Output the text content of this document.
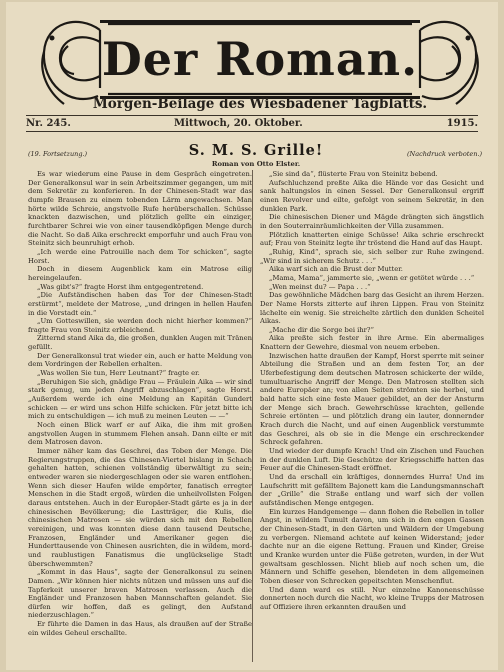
Der Roman.
Morgen-Beilage des Wiesbadener Tagblatts.
Nr. 245.	Mittwoch, 20. Oktober.	1915.
(19. Fortsetzung.)	(Nachdruck verboten.)
S. M. S. Grille!
Roman von Otto Elster.

Es war wiederum eine Pause in dem Gespräch eingetreten. Der Generalkonsul war in sein Arbeitszimmer gegangen, um mit dem Sekretär zu konferieren. In der Chinesen-Stadt war das dumpfe Brausen zu einem tobenden Lärm angewachsen. Man hörte wilde Schreie, angstvolle Rufe herüberschallen. Schüsse knackten dazwischen, und plötzlich gellte ein einziger, furchtbarer Schrei wie von einer tausendköpfigen Menge durch die Nacht. So daß Aika erschreckt emporfuhr und auch Frau von Steinitz sich beunruhigt erhob.

„Ich werde eine Patrouille nach dem Tor schicken“, sagte Horst.

Doch in diesem Augenblick kam ein Matrose eilig hereingelaufen.

„Was gibt's?“ fragte Horst ihm entgegentretend.

„Die Aufständischen haben das Tor der Chinesen-Stadt erstürmt“, meldete der Matrose, „und dringen in hellen Haufen in die Vorstadt ein.“

„Um Gotteswillen, sie werden doch nicht hierher kommen?“ fragte Frau von Steinitz erbleichend.

Zitternd stand Aika da, die großen, dunklen Augen mit Tränen gefüllt.

Der Generalkonsul trat wieder ein, auch er hatte Meldung von dem Vordringen der Rebellen erhalten.

„Was wollen Sie tun, Herr Leutnant?“ fragte er.

„Beruhigen Sie sich, gnädige Frau — Fräulein Aika — wir sind stark genug, um jeden Angriff abzuschlagen“, sagte Horst. „Außerdem werde ich eine Meldung an Kapitän Gundert schicken — er wird uns schon Hilfe schicken. Für jetzt bitte ich mich zu entschuldigen — ich muß zu meinen Leuten — —“

Noch einen Blick warf er auf Aika, die ihm mit großen angstvollen Augen in stummem Flehen ansah. Dann eilte er mit dem Matrosen davon.

Immer näher kam das Geschrei, das Toben der Menge. Die Regierungstruppen, die das Chinesen-Viertel bislang in Schach gehalten hatten, schienen vollständig überwältigt zu sein; entweder waren sie niedergeschlagen oder sie waren entflohen. Wenn sich dieser Haufen wilde empörter, fanatisch erregter Menschen in die Stadt ergoß, würden die unheilvollsten Folgen daraus entstehen. Auch in der Europäer-Stadt gärte es ja in der chinesischen Bevölkerung; die Lastträger, die Kulis, die chinesischen Matrosen — sie würden sich mit den Rebellen vereinigen, und was konnten diese dann tausend Deutsche, Franzosen, Engländer und Amerikaner gegen die Hunderttausende von Chinesen ausrichten, die in wildem, mord- und raublustigen Fanatismus die unglückselige Stadt überschwemmten?

„Kommt in das Haus“, sagte der Generalkonsul zu seinen Damen. „Wir können hier nichts nützen und müssen uns auf die Tapferkeit unserer braven Matrosen verlassen. Auch die Engländer und Franzosen haben Mannschaften gelandet. Sie dürfen wir hoffen, daß es gelingt, den Aufstand niederzuschlagen.“

Er führte die Damen in das Haus, als draußen auf der Straße ein wildes Geheul erschallte.

„Sie sind da“, flüsterte Frau von Steinitz bebend.

Aufschluchzend preßte Aika die Hände vor das Gesicht und sank haltungslos in einen Sessel. Der Generalkonsul ergriff einen Revolver und eilte, gefolgt von seinem Sekretär, in den dunklen Park.

Die chinesischen Diener und Mägde drängten sich ängstlich in den Souterrainräumlichkeiten der Villa zusammen.

Plötzlich knatterten einige Schüsse! Aika schrie erschreckt auf; Frau von Steinitz legte ihr tröstend die Hand auf das Haupt.

„Ruhig, Kind“, sprach sie, sich selber zur Ruhe zwingend. „Wir sind in sicherem Schutz . . .“

Aika warf sich an die Brust der Mutter.

„Mama, Mama“, jammerte sie, „wenn er getötet würde . . .“

„Wen meinst du? — Papa . . .“

Das gewöhnliche Mädchen barg das Gesicht an ihrem Herzen. Der Name Horsts zitterte auf ihren Lippen. Frau von Steinitz lächelte ein wenig. Sie streichelte zärtlich den dunklen Scheitel Aikas.

„Mache dir die Sorge bei ihr?“

Aika preßte sich fester in ihre Arme. Ein abermaliges Knattern der Gewehre, diesmal von neuem erbeben.

Inzwischen hatte draußen der Kampf, Horst sperrte mit seiner Abteilung die Straßen und an dem festen Tor, an der Uferbefestigung dem deutschen Matrosen schickerte der wilde, tumultuarische Angriff der Menge. Den Matrosen stellten sich andere Europäer an; von allen Seiten strömten sie herbei, und bald hatte sich eine feste Mauer gebildet, an der der Ansturm der Menge sich brach. Gewehrschüsse krachten, gellende Schreie ertönten — und plötzlich drang ein lauter, donnernder Krach durch die Nacht, und auf einen Augenblick verstummte das Geschrei, als ob sie in die Menge ein erschreckender Schreck gefahren.

Und wieder der dumpfe Krach! Und ein Zischen und Fauchen in der dunklen Luft. Die Geschütze der Kriegsschiffe hatten das Feuer auf die Chinesen-Stadt eröffnet.

Und da erschall ein kräftiges, donnerndes Hurra! Und im Laufschritt mit gefälltem Bajonett kam die Landungsmannschaft der „Grille“ die Straße entlang und warf sich der vollen aufständischen Menge entgegen.

Ein kurzes Handgemenge — dann flohen die Rebellen in toller Angst, in wildem Tumult davon, um sich in den engen Gassen der Chinesen-Stadt, in den Gärten und Wäldern der Umgebung zu verbergen. Niemand achtete auf keinen Widerstand; jeder dachte nur an die eigene Rettung. Frauen und Kinder, Greise und Kranke wurden unter die Füße getreten, wurden, in der Wut gewaltsam geschlossen. Nicht blieb auf noch schen um, die Männern und Schiffe gesehen, blendeten in dem allgemeinen Toben dieser von Schrecken gepeitschten Menschenflut.

Und dann ward es still. Nur einzelne Kanonenschüsse donnerten noch durch die Nacht, wo kleine Trupps der Matrosen auf Offiziere ihren erkannten draußen und
